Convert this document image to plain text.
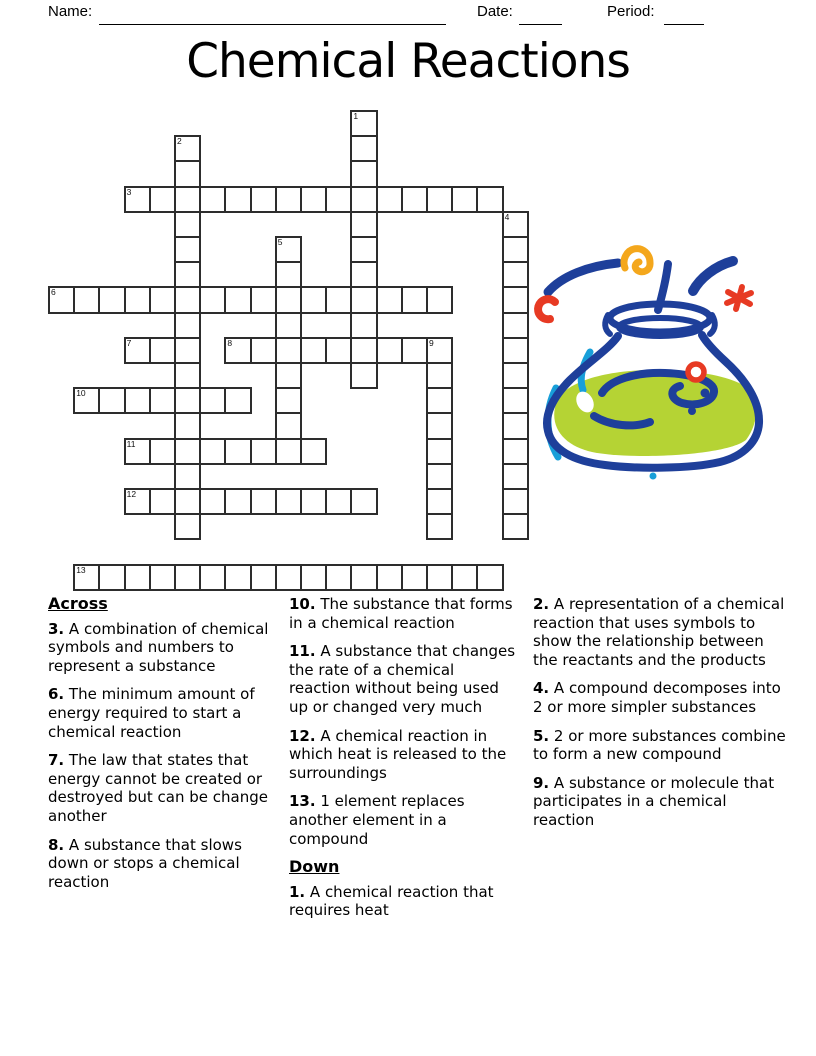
Name:	Date:	Period:
Chemical Reactions
1
2
3
4
5
6
7	8	9
10
11
12
13

Across

3. A combination of chemical symbols and numbers to represent a substance

6. The minimum amount of energy required to start a chemical reaction

7. The law that states that energy cannot be created or destroyed but can be change another

8. A substance that slows down or stops a chemical reaction

10. The substance that forms in a chemical reaction

11. A substance that changes the rate of a chemical reaction without being used up or changed very much

12. A chemical reaction in which heat is released to the surroundings

13. 1 element replaces another element in a compound

Down

1. A chemical reaction that requires heat

2. A representation of a chemical reaction that uses symbols to show the relationship between the reactants and the products

4. A compound decomposes into 2 or more simpler substances

5. 2 or more substances combine to form a new compound

9. A substance or molecule that participates in a chemical reaction
